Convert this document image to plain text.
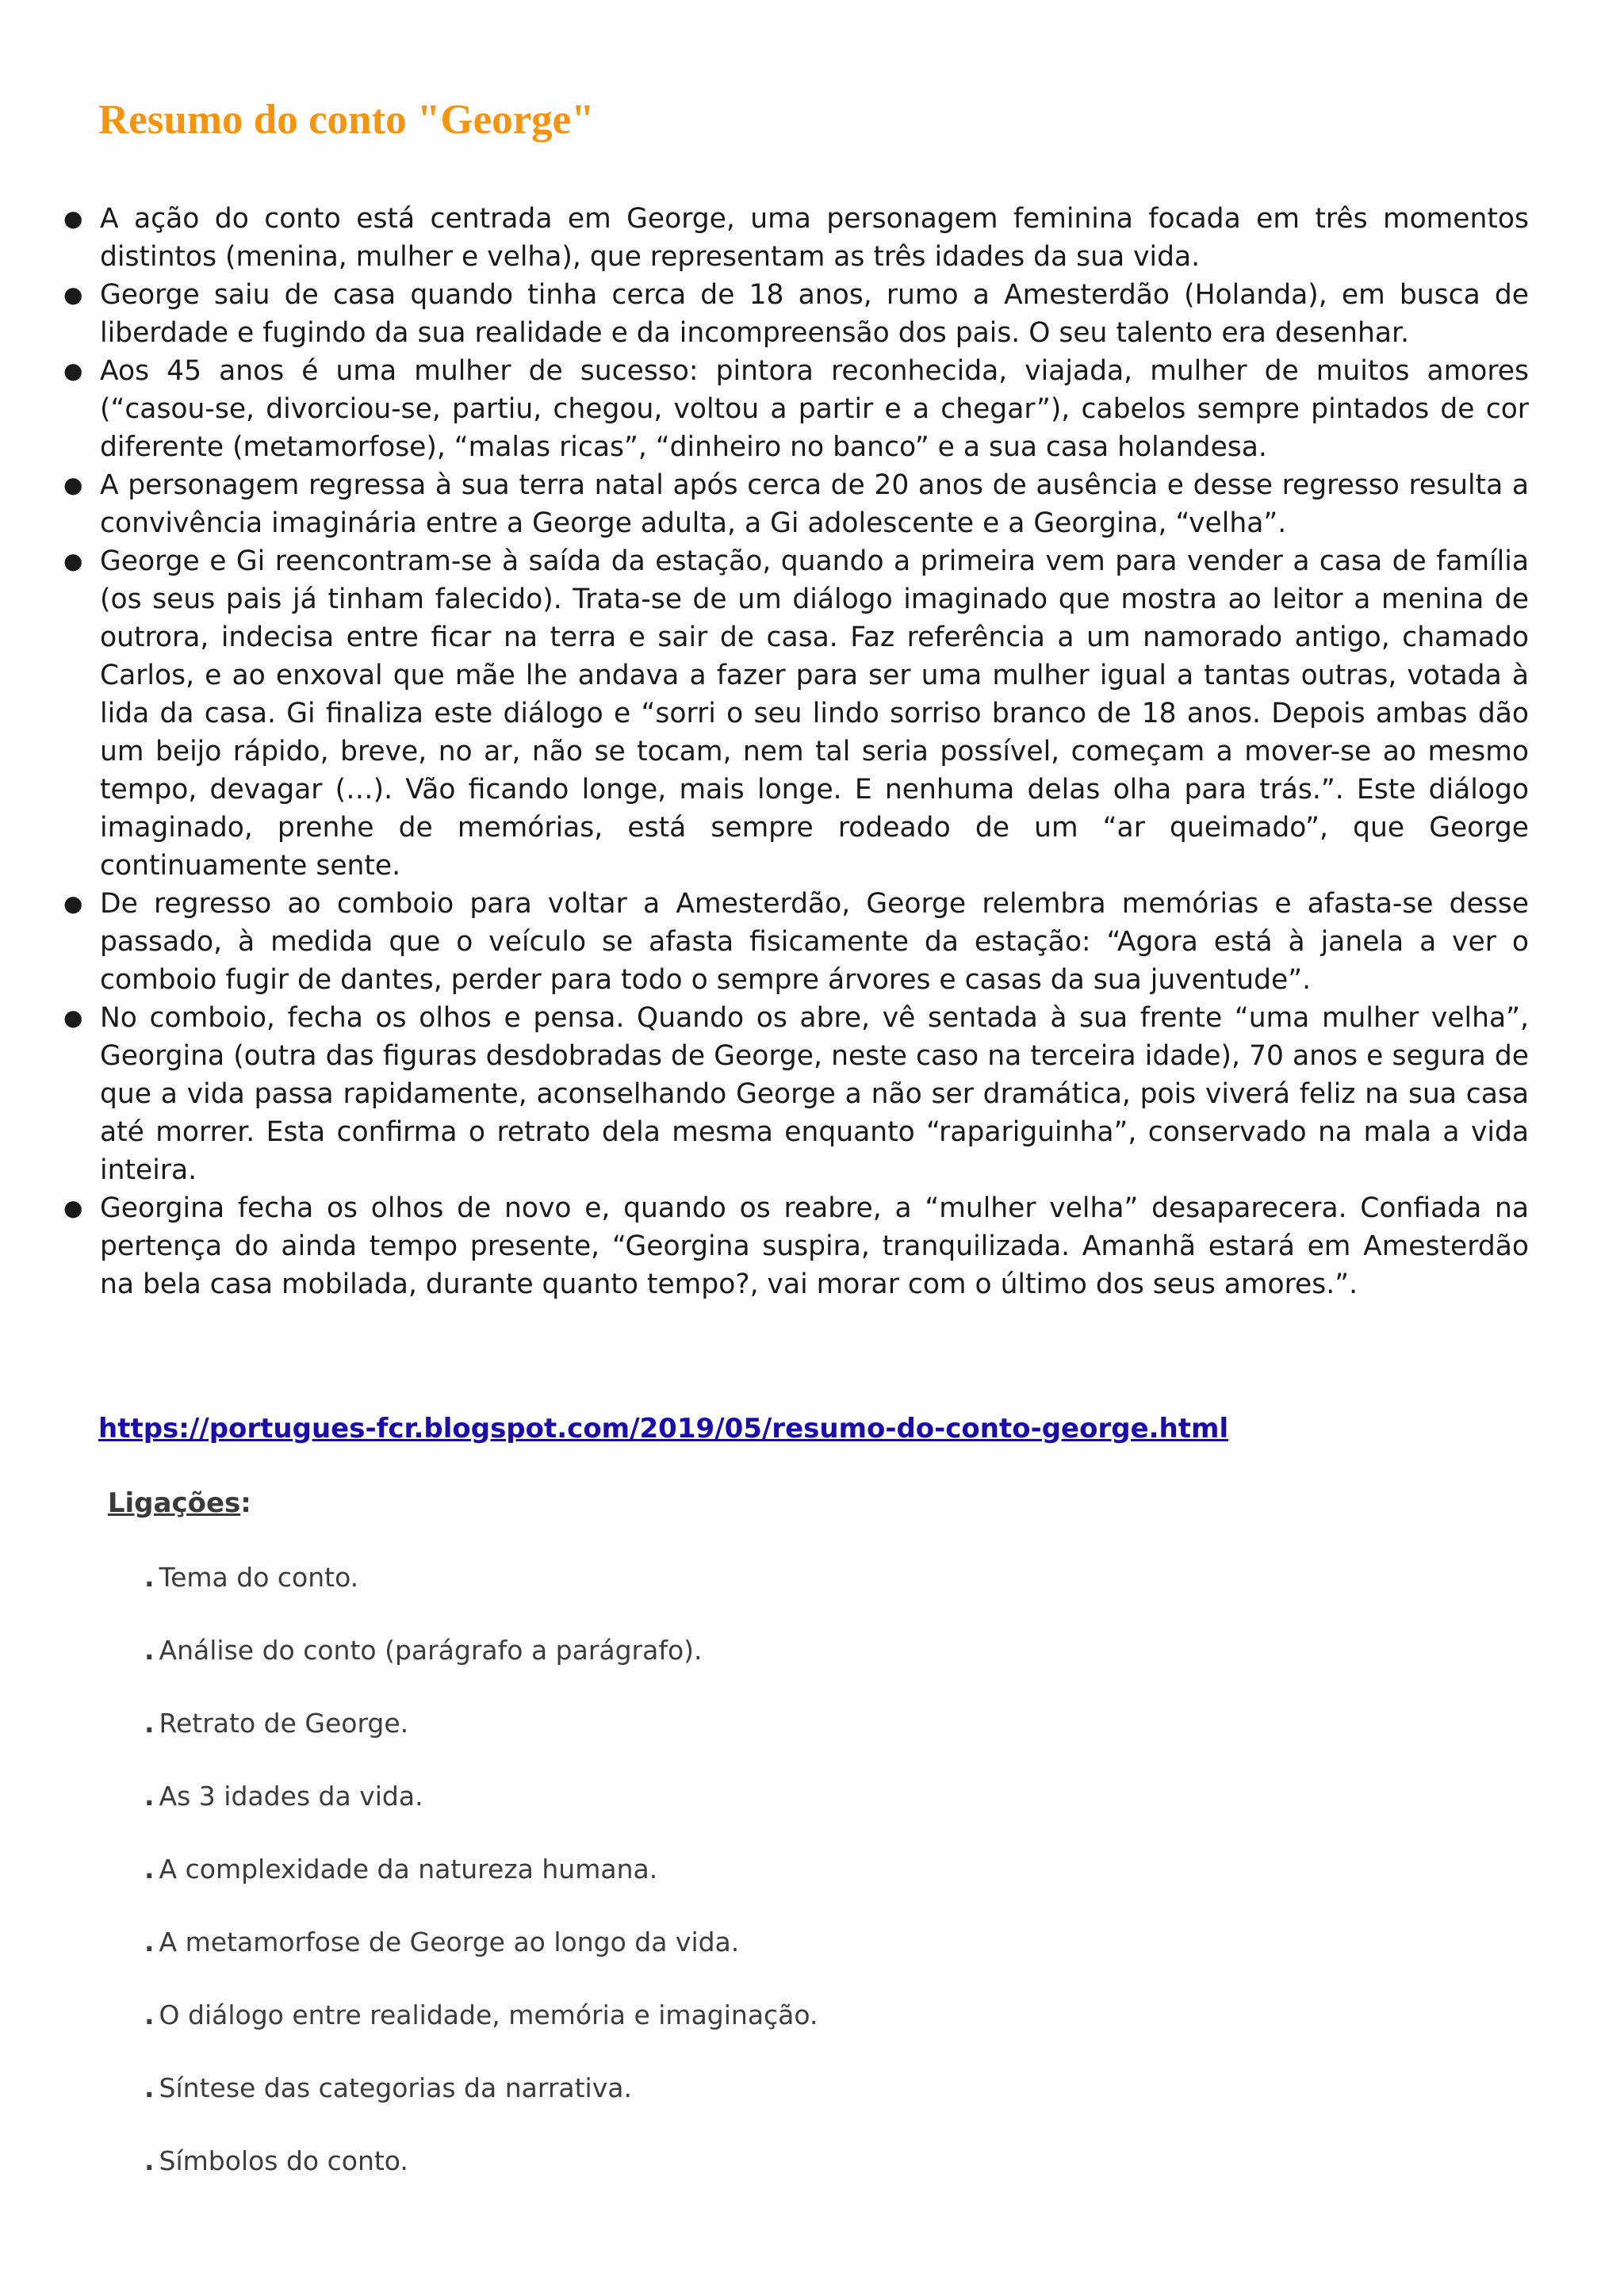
Resumo do conto "George"
● A ação do conto está centrada em George, uma personagem feminina focada em três momentos distintos (menina, mulher e velha), que representam as três idades da sua vida.
● George saiu de casa quando tinha cerca de 18 anos, rumo a Amesterdão (Holanda), em busca de liberdade e fugindo da sua realidade e da incompreensão dos pais. O seu talento era desenhar.
● Aos 45 anos é uma mulher de sucesso: pintora reconhecida, viajada, mulher de muitos amores (“casou-se, divorciou-se, partiu, chegou, voltou a partir e a chegar”), cabelos sempre pintados de cor diferente (metamorfose), “malas ricas”, “dinheiro no banco” e a sua casa holandesa.
● A personagem regressa à sua terra natal após cerca de 20 anos de ausência e desse regresso resulta a convivência imaginária entre a George adulta, a Gi adolescente e a Georgina, “velha”.
● George e Gi reencontram-se à saída da estação, quando a primeira vem para vender a casa de família (os seus pais já tinham falecido). Trata-se de um diálogo imaginado que mostra ao leitor a menina de outrora, indecisa entre ficar na terra e sair de casa. Faz referência a um namorado antigo, chamado Carlos, e ao enxoval que mãe lhe andava a fazer para ser uma mulher igual a tantas outras, votada à lida da casa. Gi finaliza este diálogo e “sorri o seu lindo sorriso branco de 18 anos. Depois ambas dão um beijo rápido, breve, no ar, não se tocam, nem tal seria possível, começam a mover-se ao mesmo tempo, devagar (…). Vão ficando longe, mais longe. E nenhuma delas olha para trás.”. Este diálogo imaginado, prenhe de memórias, está sempre rodeado de um “ar queimado”, que George continuamente sente.
● De regresso ao comboio para voltar a Amesterdão, George relembra memórias e afasta-se desse passado, à medida que o veículo se afasta fisicamente da estação: “Agora está à janela a ver o comboio fugir de dantes, perder para todo o sempre árvores e casas da sua juventude”.
● No comboio, fecha os olhos e pensa. Quando os abre, vê sentada à sua frente “uma mulher velha”, Georgina (outra das figuras desdobradas de George, neste caso na terceira idade), 70 anos e segura de que a vida passa rapidamente, aconselhando George a não ser dramática, pois viverá feliz na sua casa até morrer. Esta confirma o retrato dela mesma enquanto “rapariguinha”, conservado na mala a vida inteira.
● Georgina fecha os olhos de novo e, quando os reabre, a “mulher velha” desaparecera. Confiada na pertença do ainda tempo presente, “Georgina suspira, tranquilizada. Amanhã estará em Amesterdão na bela casa mobilada, durante quanto tempo?, vai morar com o último dos seus amores.”.
https://portugues-fcr.blogspot.com/2019/05/resumo-do-conto-george.html
Ligações:
. Tema do conto.
. Análise do conto (parágrafo a parágrafo).
. Retrato de George.
. As 3 idades da vida.
. A complexidade da natureza humana.
. A metamorfose de George ao longo da vida.
. O diálogo entre realidade, memória e imaginação.
. Síntese das categorias da narrativa.
. Símbolos do conto.
